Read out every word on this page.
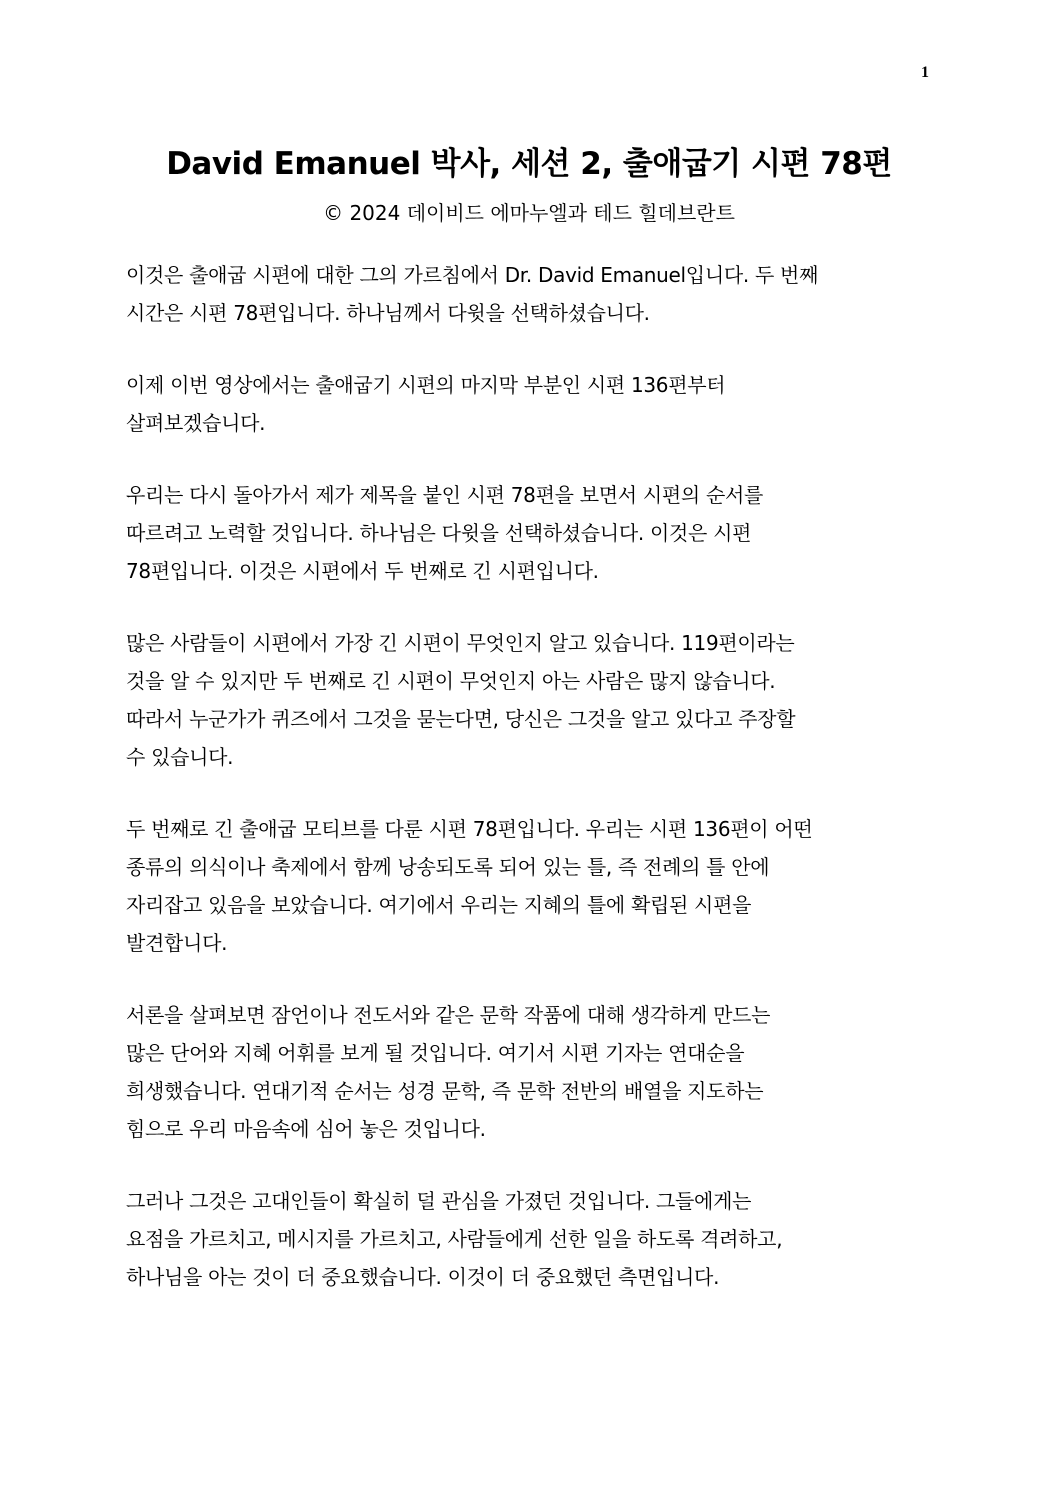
1
David Emanuel 박사, 세션 2, 출애굽기 시편 78편
© 2024 데이비드 에마누엘과 테드 힐데브란트
이것은 출애굽 시편에 대한 그의 가르침에서 Dr. David Emanuel입니다. 두 번째
시간은 시편 78편입니다. 하나님께서 다윗을 선택하셨습니다.
이제 이번 영상에서는 출애굽기 시편의 마지막 부분인 시편 136편부터
살펴보겠습니다.
우리는 다시 돌아가서 제가 제목을 붙인 시편 78편을 보면서 시편의 순서를
따르려고 노력할 것입니다. 하나님은 다윗을 선택하셨습니다. 이것은 시편
78편입니다. 이것은 시편에서 두 번째로 긴 시편입니다.
많은 사람들이 시편에서 가장 긴 시편이 무엇인지 알고 있습니다. 119편이라는
것을 알 수 있지만 두 번째로 긴 시편이 무엇인지 아는 사람은 많지 않습니다.
따라서 누군가가 퀴즈에서 그것을 묻는다면, 당신은 그것을 알고 있다고 주장할
수 있습니다.
두 번째로 긴 출애굽 모티브를 다룬 시편 78편입니다. 우리는 시편 136편이 어떤
종류의 의식이나 축제에서 함께 낭송되도록 되어 있는 틀, 즉 전례의 틀 안에
자리잡고 있음을 보았습니다. 여기에서 우리는 지혜의 틀에 확립된 시편을
발견합니다.
서론을 살펴보면 잠언이나 전도서와 같은 문학 작품에 대해 생각하게 만드는
많은 단어와 지혜 어휘를 보게 될 것입니다. 여기서 시편 기자는 연대순을
희생했습니다. 연대기적 순서는 성경 문학, 즉 문학 전반의 배열을 지도하는
힘으로 우리 마음속에 심어 놓은 것입니다.
그러나 그것은 고대인들이 확실히 덜 관심을 가졌던 것입니다. 그들에게는
요점을 가르치고, 메시지를 가르치고, 사람들에게 선한 일을 하도록 격려하고,
하나님을 아는 것이 더 중요했습니다. 이것이 더 중요했던 측면입니다.
